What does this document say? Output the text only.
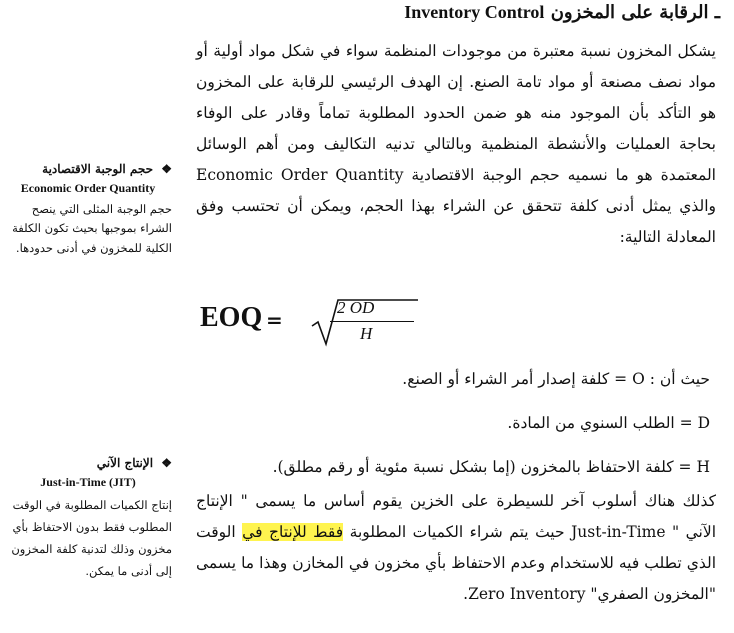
ـ الرقابة على المخزون Inventory Control

يشكل المخزون نسبة معتبرة من موجودات المنظمة سواء في شكل مواد أولية أو مواد نصف مصنعة أو مواد تامة الصنع. إن الهدف الرئيسي للرقابة على المخزون هو التأكد بأن الموجود منه هو ضمن الحدود المطلوبة تماماً وقادر على الوفاء بحاجة العمليات والأنشطة المنظمية وبالتالي تدنيه التكاليف ومن أهم الوسائل المعتمدة هو ما نسميه حجم الوجبة الاقتصادية Economic Order Quantity والذي يمثل أدنى كلفة تتحقق عن الشراء بهذا الحجم، ويمكن أن تحتسب وفق المعادلة التالية:

❖ حجم الوجبة الاقتصادية
Economic Order Quantity
حجم الوجبة المثلى التي ينصح الشراء بموجبها بحيث تكون الكلفة الكلية للمخزون في أدنى حدودها.
EOQ =
2 OD
H
حيث أن : O = كلفة إصدار أمر الشراء أو الصنع.
D = الطلب السنوي من المادة.
H = كلفة الاحتفاظ بالمخزون (إما بشكل نسبة مئوية أو رقم مطلق).

كذلك هناك أسلوب آخر للسيطرة على الخزين يقوم أساس ما يسمى " الإنتاج الآني " Just-in-Time حيث يتم شراء الكميات المطلوبة فقط للإنتاج في الوقت الذي تطلب فيه للاستخدام وعدم الاحتفاظ بأي مخزون في المخازن وهذا ما يسمى "المخزون الصفري" Zero Inventory.

❖ الإنتاج الآني
Just-in-Time (JIT)
إنتاج الكميات المطلوبة في الوقت المطلوب فقط بدون الاحتفاظ بأي مخزون وذلك لتدنية كلفة المخزون إلى أدنى ما يمكن.
